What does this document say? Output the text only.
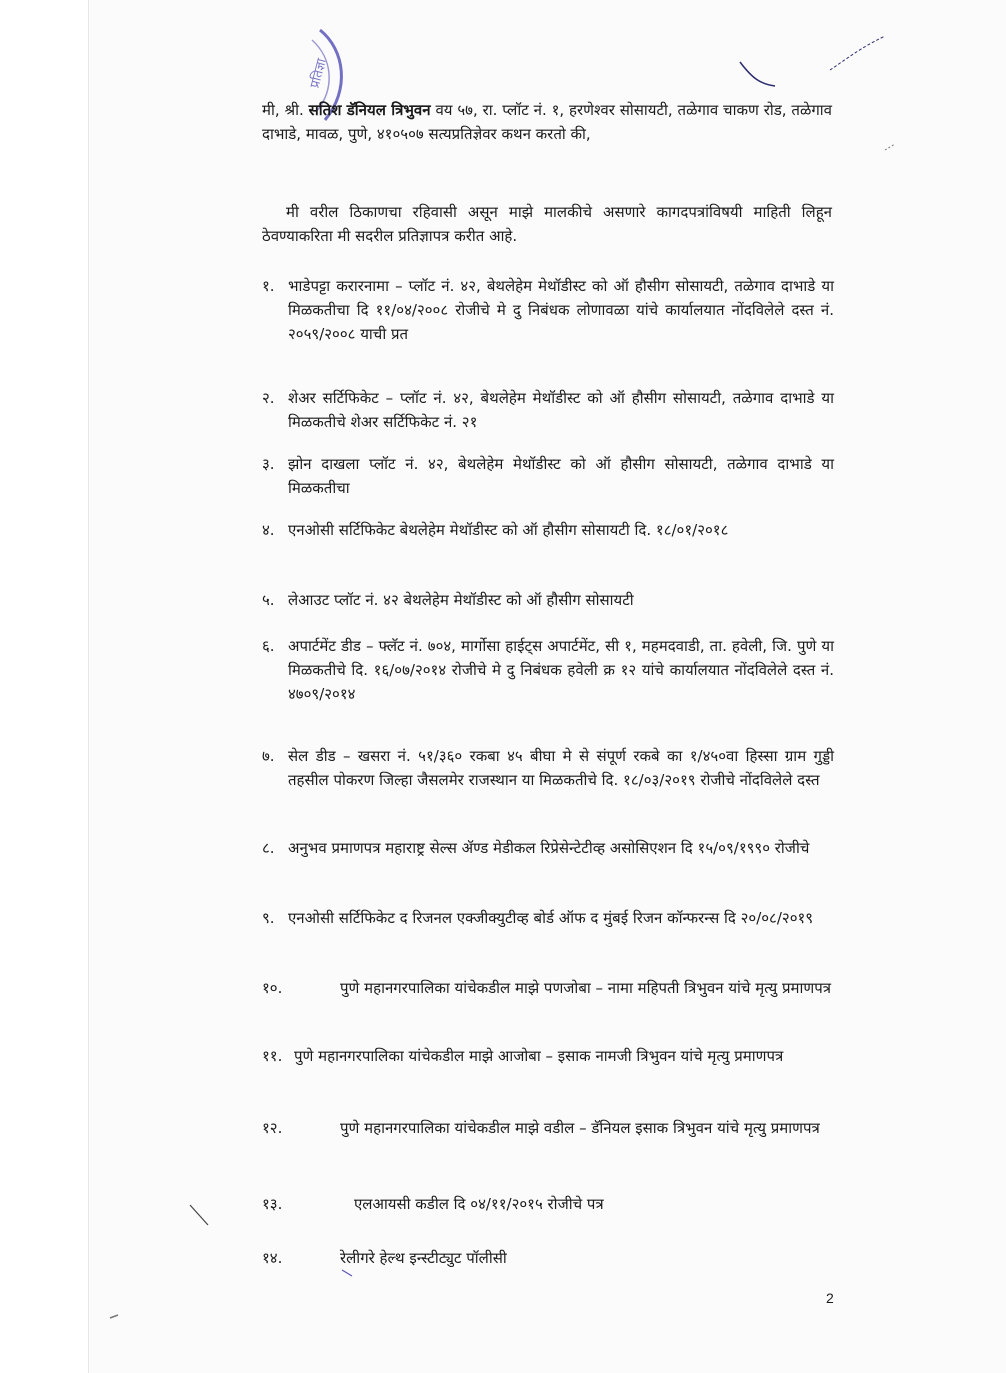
प्रतिज्ञा
मी, श्री. सतिश डॅनियल त्रिभुवन वय ५७, रा. प्लॉट नं. १, हरणेश्वर सोसायटी, तळेगाव चाकण रोड, तळेगाव दाभाडे, मावळ, पुणे, ४१०५०७ सत्यप्रतिज्ञेवर कथन करतो की,
मी वरील ठिकाणचा रहिवासी असून माझे मालकीचे असणारे कागदपत्रांविषयी माहिती लिहून ठेवण्याकरिता मी सदरील प्रतिज्ञापत्र करीत आहे.
१. भाडेपट्टा करारनामा – प्लॉट नं. ४२, बेथलेहेम मेथॉडीस्ट को ऑ हौसीग सोसायटी, तळेगाव दाभाडे या मिळकतीचा दि ११/०४/२००८ रोजीचे मे दु निबंधक लोणावळा यांचे कार्यालयात नोंदविलेले दस्त नं. २०५९/२००८ याची प्रत
२. शेअर सर्टिफिकेट – प्लॉट नं. ४२, बेथलेहेम मेथॉडीस्ट को ऑ हौसीग सोसायटी, तळेगाव दाभाडे या मिळकतीचे शेअर सर्टिफिकेट नं. २१
३. झोन दाखला प्लॉट नं. ४२, बेथलेहेम मेथॉडीस्ट को ऑ हौसीग सोसायटी, तळेगाव दाभाडे या मिळकतीचा
४. एनओसी सर्टिफिकेट बेथलेहेम मेथॉडीस्ट को ऑ हौसीग सोसायटी दि. १८/०१/२०१८
५. लेआउट प्लॉट नं. ४२ बेथलेहेम मेथॉडीस्ट को ऑ हौसीग सोसायटी
६. अपार्टमेंट डीड – फ्लॅट नं. ७०४, मार्गोसा हाईट्स अपार्टमेंट, सी १, महमदवाडी, ता. हवेली, जि. पुणे या मिळकतीचे दि. १६/०७/२०१४ रोजीचे मे दु निबंधक हवेली क्र १२ यांचे कार्यालयात नोंदविलेले दस्त नं. ४७०९/२०१४
७. सेल डीड – खसरा नं. ५१/३६० रकबा ४५ बीघा मे से संपूर्ण रकबे का १/४५०वा हिस्सा ग्राम गुड्डी तहसील पोकरण जिल्हा जैसलमेर राजस्थान या मिळकतीचे दि. १८/०३/२०१९ रोजीचे नोंदविलेले दस्त
८. अनुभव प्रमाणपत्र महाराष्ट्र सेल्स ॲण्ड मेडीकल रिप्रेसेन्टेटीव्ह असोसिएशन दि १५/०९/१९९० रोजीचे
९. एनओसी सर्टिफिकेट द रिजनल एक्जीक्युटीव्ह बोर्ड ऑफ द मुंबई रिजन कॉन्फरन्स दि २०/०८/२०१९
१०.	पुणे महानगरपालिका यांचेकडील माझे पणजोबा – नामा महिपती त्रिभुवन यांचे मृत्यु प्रमाणपत्र
११. पुणे महानगरपालिका यांचेकडील माझे आजोबा – इसाक नामजी त्रिभुवन यांचे मृत्यु प्रमाणपत्र
१२.	पुणे महानगरपालिका यांचेकडील माझे वडील – डॅनियल इसाक त्रिभुवन यांचे मृत्यु प्रमाणपत्र
१३.	एलआयसी कडील दि ०४/११/२०१५ रोजीचे पत्र
१४.	रेलीगरे हेल्थ इन्स्टीट्युट पॉलीसी
2
